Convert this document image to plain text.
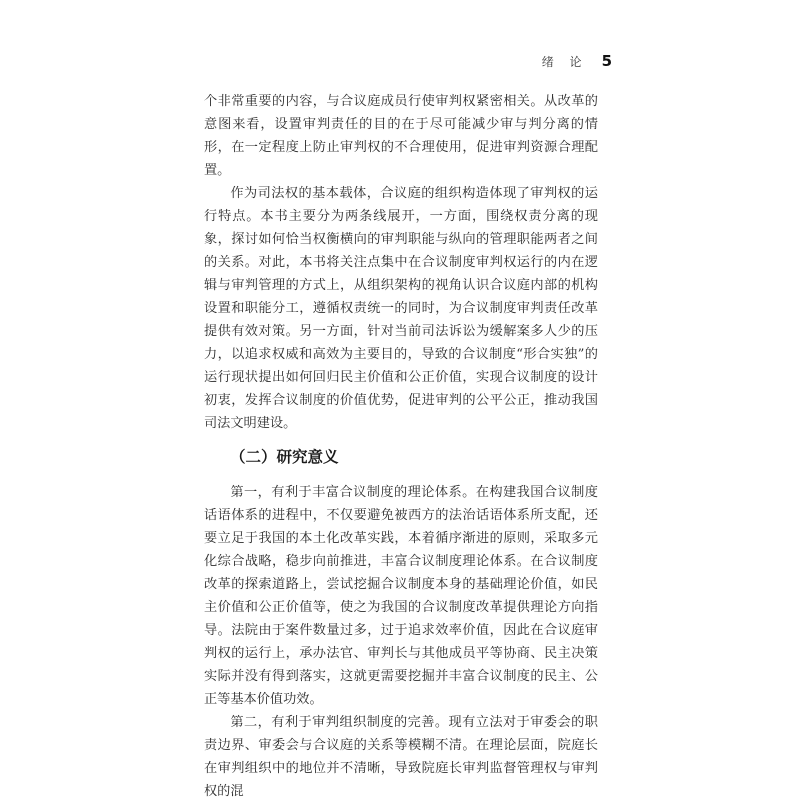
绪 论 5

个非常重要的内容，与合议庭成员行使审判权紧密相关。从改革的意图来看，设置审判责任的目的在于尽可能减少审与判分离的情形，在一定程度上防止审判权的不合理使用，促进审判资源合理配置。

作为司法权的基本载体，合议庭的组织构造体现了审判权的运行特点。本书主要分为两条线展开，一方面，围绕权责分离的现象，探讨如何恰当权衡横向的审判职能与纵向的管理职能两者之间的关系。对此，本书将关注点集中在合议制度审判权运行的内在逻辑与审判管理的方式上，从组织架构的视角认识合议庭内部的机构设置和职能分工，遵循权责统一的同时，为合议制度审判责任改革提供有效对策。另一方面，针对当前司法诉讼为缓解案多人少的压力，以追求权威和高效为主要目的，导致的合议制度“形合实独”的运行现状提出如何回归民主价值和公正价值，实现合议制度的设计初衷，发挥合议制度的价值优势，促进审判的公平公正，推动我国司法文明建设。

（二）研究意义

第一，有利于丰富合议制度的理论体系。在构建我国合议制度话语体系的进程中，不仅要避免被西方的法治话语体系所支配，还要立足于我国的本土化改革实践，本着循序渐进的原则，采取多元化综合战略，稳步向前推进，丰富合议制度理论体系。在合议制度改革的探索道路上，尝试挖掘合议制度本身的基础理论价值，如民主价值和公正价值等，使之为我国的合议制度改革提供理论方向指导。法院由于案件数量过多，过于追求效率价值，因此在合议庭审判权的运行上，承办法官、审判长与其他成员平等协商、民主决策实际并没有得到落实，这就更需要挖掘并丰富合议制度的民主、公正等基本价值功效。

第二，有利于审判组织制度的完善。现有立法对于审委会的职责边界、审委会与合议庭的关系等模糊不清。在理论层面，院庭长在审判组织中的地位并不清晰，导致院庭长审判监督管理权与审判权的混
